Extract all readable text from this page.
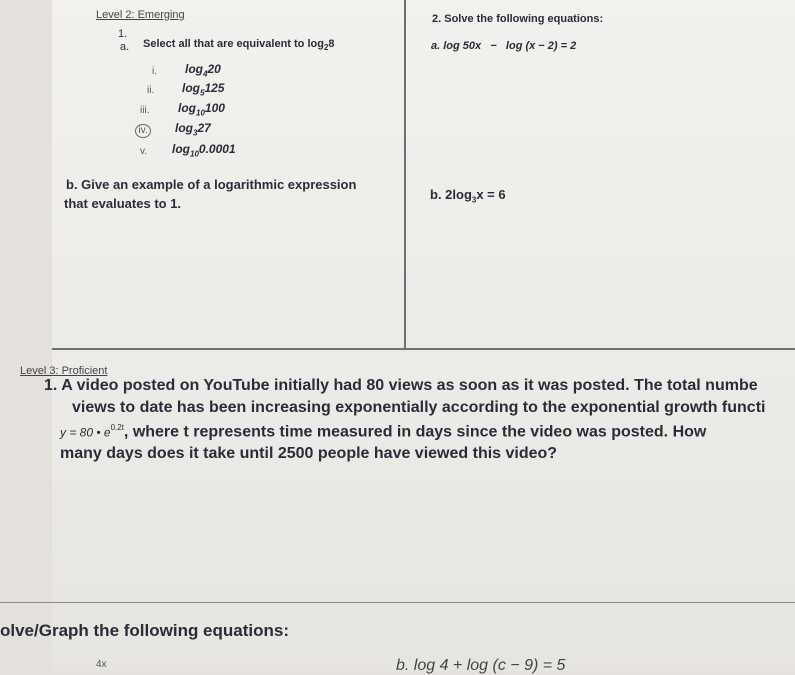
Level 2: Emerging
1.
a. Select all that are equivalent to $\log_28$
i. $\log_420$
ii. $\log_5125$
iii. $\log_{10}100$
iv. $\log_327$
v. $\log_{10}0.0001$
b. Give an example of a logarithmic expression
that evaluates to 1.
2. Solve the following equations:
a. log 50x − log (x − 2) = 2
b. $2\log_3x = 6$
Level 3: Proficient
1. A video posted on YouTube initially had 80 views as soon as it was posted. The total numbe
views to date has been increasing exponentially according to the exponential growth functi
y = 80 • $e^{0.2t}$, where t represents time measured in days since the video was posted. How
many days does it take until 2500 people have viewed this video?
olve/Graph the following equations:
4x	b. log 4 + log (c − 9) = 5
